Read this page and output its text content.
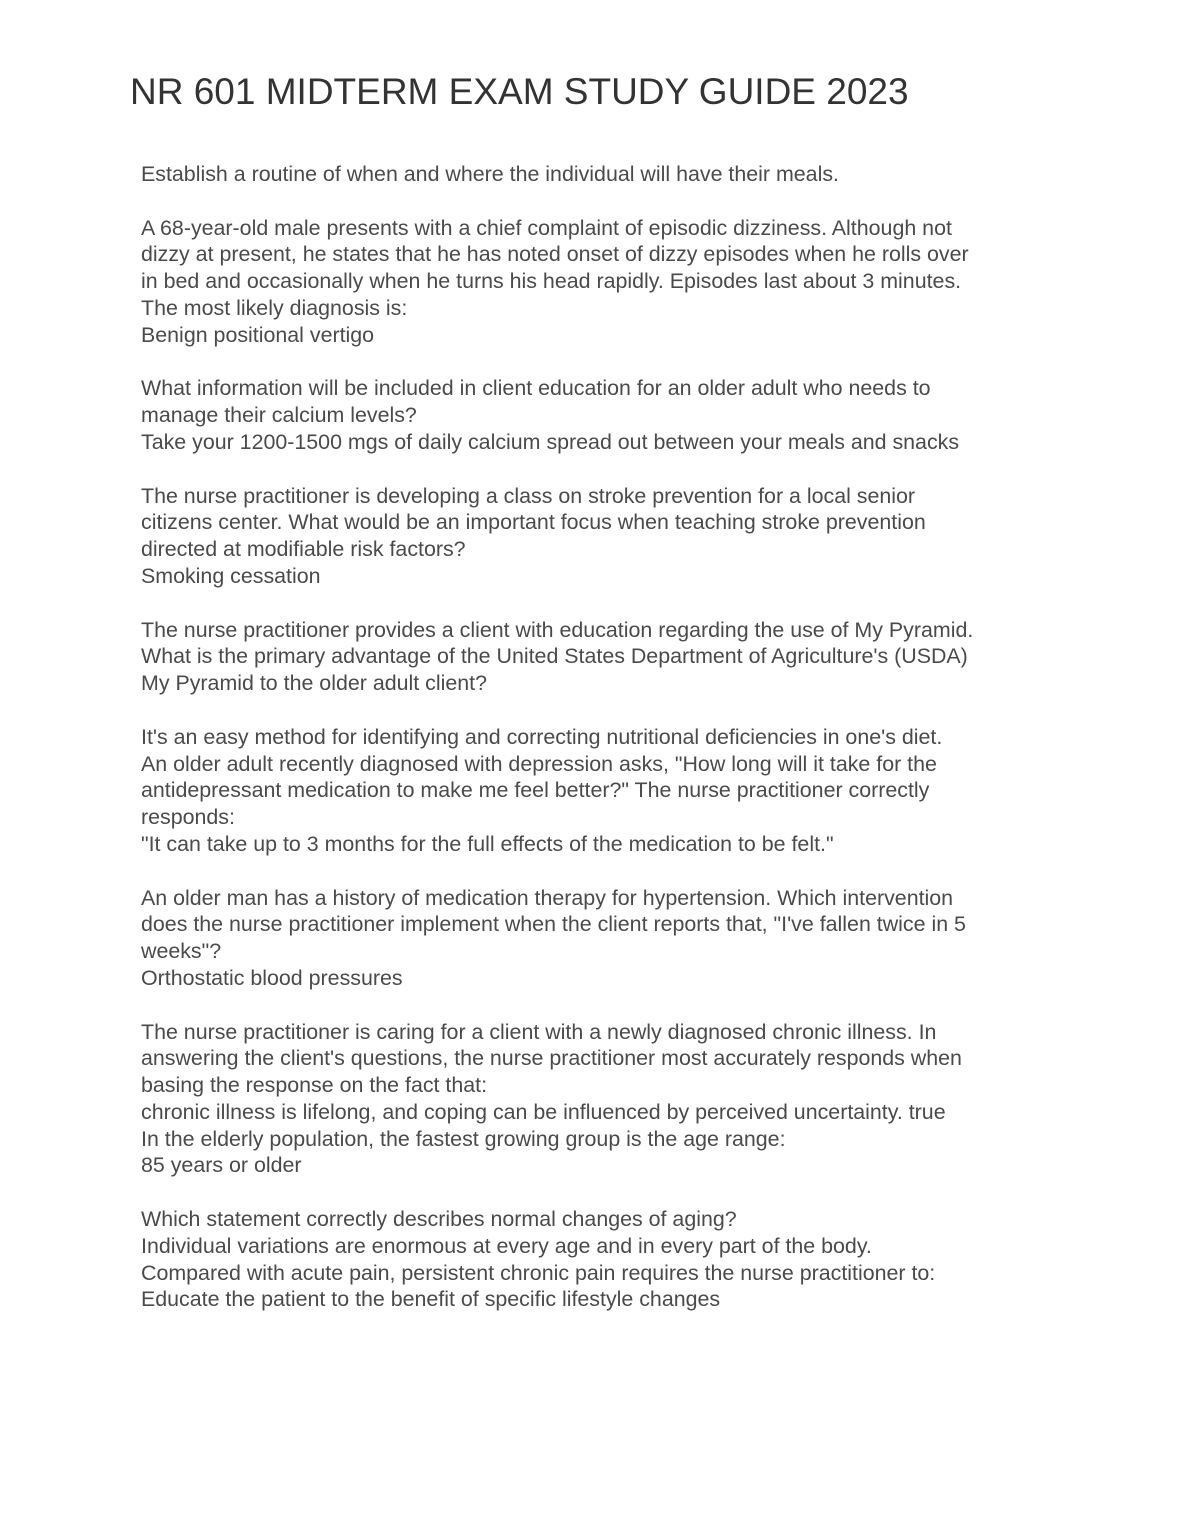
NR 601 MIDTERM EXAM STUDY GUIDE 2023
Establish a routine of when and where the individual will have their meals.
A 68-year-old male presents with a chief complaint of episodic dizziness. Although not
dizzy at present, he states that he has noted onset of dizzy episodes when he rolls over
in bed and occasionally when he turns his head rapidly. Episodes last about 3 minutes.
The most likely diagnosis is:
Benign positional vertigo
What information will be included in client education for an older adult who needs to
manage their calcium levels?
Take your 1200-1500 mgs of daily calcium spread out between your meals and snacks
The nurse practitioner is developing a class on stroke prevention for a local senior
citizens center. What would be an important focus when teaching stroke prevention
directed at modifiable risk factors?
Smoking cessation
The nurse practitioner provides a client with education regarding the use of My Pyramid.
What is the primary advantage of the United States Department of Agriculture's (USDA)
My Pyramid to the older adult client?
It's an easy method for identifying and correcting nutritional deficiencies in one's diet.
An older adult recently diagnosed with depression asks, "How long will it take for the
antidepressant medication to make me feel better?" The nurse practitioner correctly
responds:
"It can take up to 3 months for the full effects of the medication to be felt."
An older man has a history of medication therapy for hypertension. Which intervention
does the nurse practitioner implement when the client reports that, "I've fallen twice in 5
weeks"?
Orthostatic blood pressures
The nurse practitioner is caring for a client with a newly diagnosed chronic illness. In
answering the client's questions, the nurse practitioner most accurately responds when
basing the response on the fact that:
chronic illness is lifelong, and coping can be influenced by perceived uncertainty. true
In the elderly population, the fastest growing group is the age range:
85 years or older
Which statement correctly describes normal changes of aging?
Individual variations are enormous at every age and in every part of the body.
Compared with acute pain, persistent chronic pain requires the nurse practitioner to:
Educate the patient to the benefit of specific lifestyle changes
